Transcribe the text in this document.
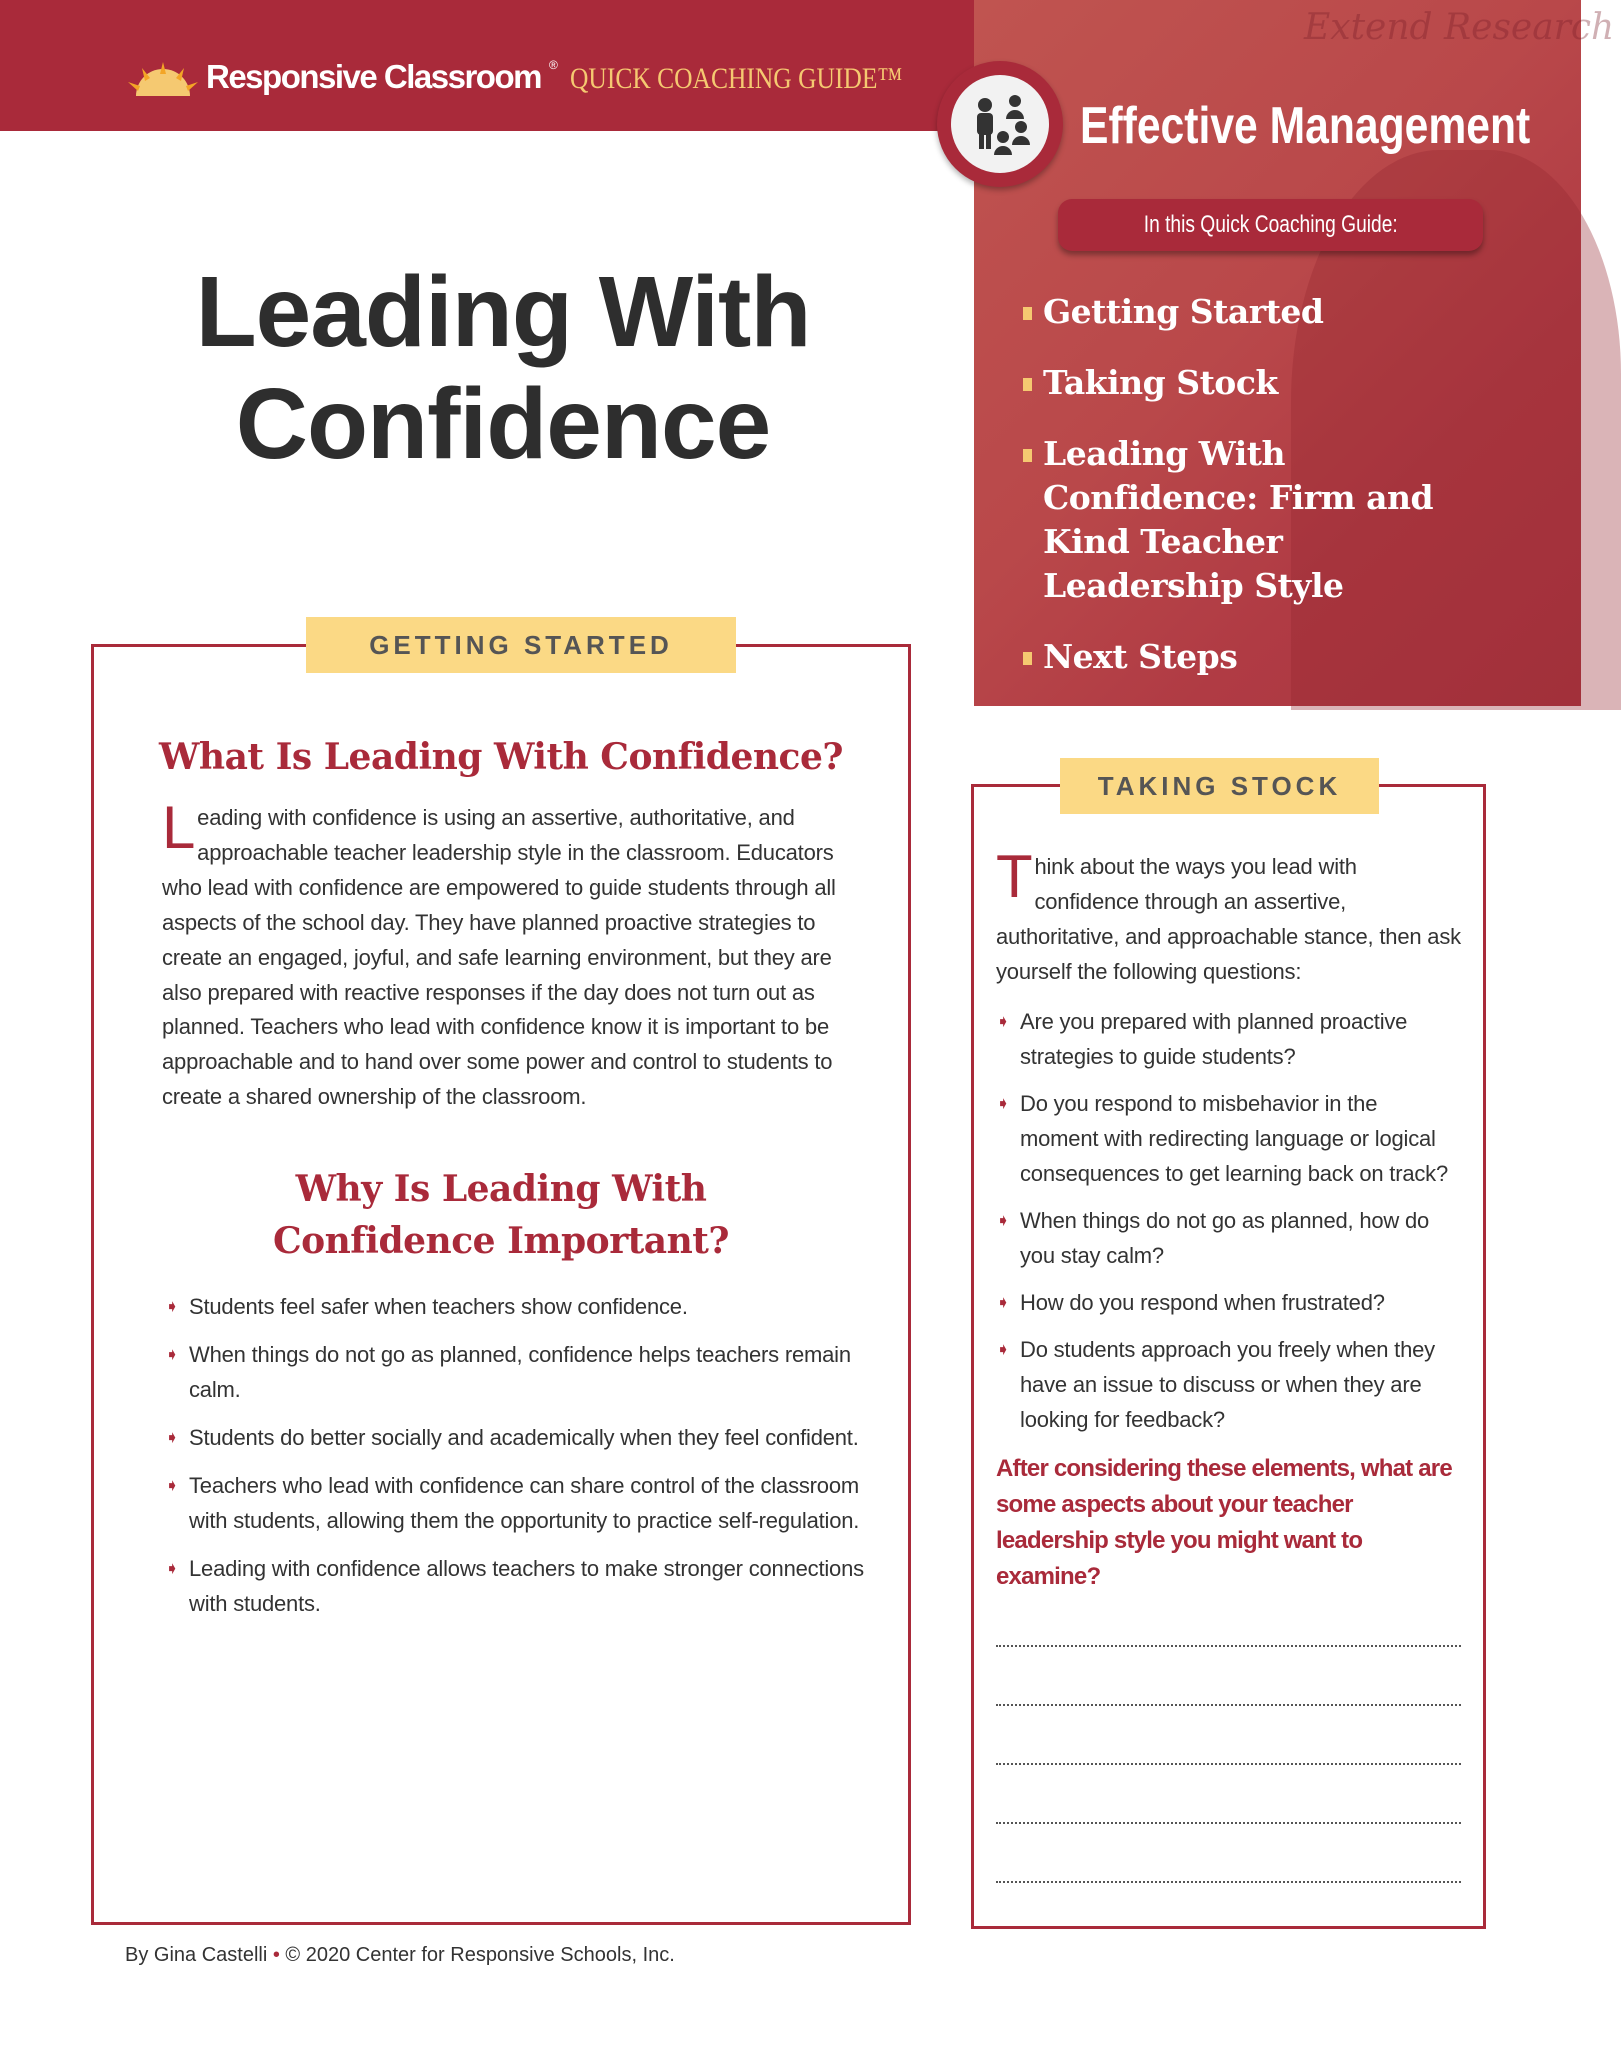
Responsive Classroom ® QUICK COACHING GUIDE™
Extend Research
Effective Management
In this Quick Coaching Guide:
Getting Started
Taking Stock
Leading With Confidence: Firm and Kind Teacher Leadership Style
Next Steps
Leading With
Confidence
What Is Leading With Confidence?
Leading with confidence is using an assertive, authoritative, and approachable teacher leadership style in the classroom. Educators who lead with confidence are empowered to guide students through all aspects of the school day. They have planned proactive strategies to create an engaged, joyful, and safe learning environment, but they are also prepared with reactive responses if the day does not turn out as planned. Teachers who lead with confidence know it is important to be approachable and to hand over some power and control to students to create a shared ownership of the classroom.
Why Is Leading With Confidence Important?
➧ Students feel safer when teachers show confidence.
➧ When things do not go as planned, confidence helps teachers remain calm.
➧ Students do better socially and academically when they feel confident.
➧ Teachers who lead with confidence can share control of the classroom with students, allowing them the opportunity to practice self-regulation.
➧ Leading with confidence allows teachers to make stronger connections with students.
GETTING STARTED
Think about the ways you lead with confidence through an assertive, authoritative, and approachable stance, then ask yourself the following questions:
➧ Are you prepared with planned proactive strategies to guide students?
➧ Do you respond to misbehavior in the moment with redirecting language or logical consequences to get learning back on track?
➧ When things do not go as planned, how do you stay calm?
➧ How do you respond when frustrated?
➧ Do students approach you freely when they have an issue to discuss or when they are looking for feedback?
After considering these elements, what are some aspects about your teacher leadership style you might want to examine?
TAKING STOCK
By Gina Castelli • © 2020 Center for Responsive Schools, Inc.
